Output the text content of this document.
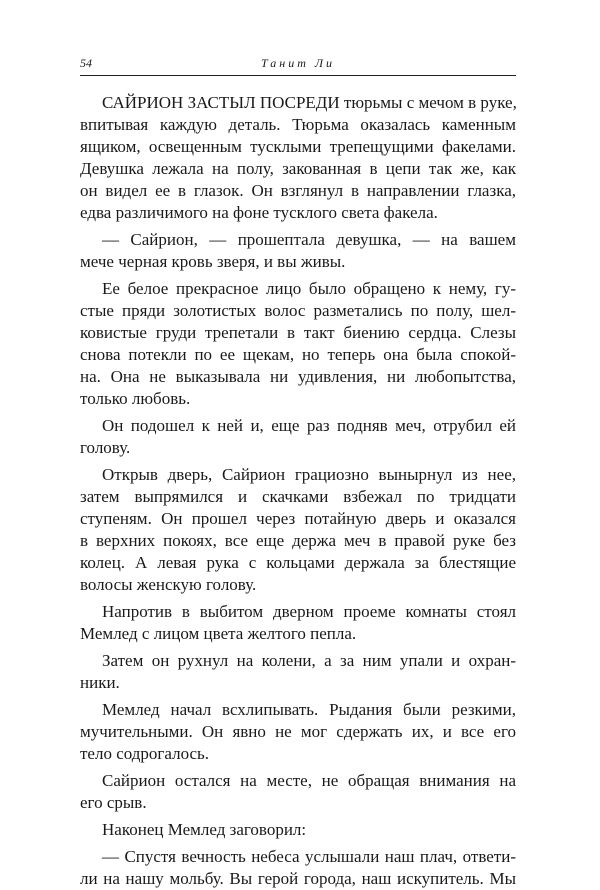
54	Танит Ли

САЙРИОН ЗАСТЫЛ ПОСРЕДИ тюрьмы с мечом в руке,
впитывая каждую деталь. Тюрьма оказалась каменным
ящиком, освещенным тусклыми трепещущими факелами.
Девушка лежала на полу, закованная в цепи так же, как
он видел ее в глазок. Он взглянул в направлении глазка,
едва различимого на фоне тусклого света факела.

— Сайрион, — прошептала девушка, — на вашем
мече черная кровь зверя, и вы живы.

Ее белое прекрасное лицо было обращено к нему, гу-
стые пряди золотистых волос разметались по полу, шел-
ковистые груди трепетали в такт биению сердца. Слезы
снова потекли по ее щекам, но теперь она была спокой-
на. Она не выказывала ни удивления, ни любопытства,
только любовь.

Он подошел к ней и, еще раз подняв меч, отрубил ей
голову.

Открыв дверь, Сайрион грациозно вынырнул из нее,
затем выпрямился и скачками взбежал по тридцати
ступеням. Он прошел через потайную дверь и оказался
в верхних покоях, все еще держа меч в правой руке без
колец. А левая рука с кольцами держала за блестящие
волосы женскую голову.

Напротив в выбитом дверном проеме комнаты стоял
Мемлед с лицом цвета желтого пепла.

Затем он рухнул на колени, а за ним упали и охран-
ники.

Мемлед начал всхлипывать. Рыдания были резкими,
мучительными. Он явно не мог сдержать их, и все его
тело содрогалось.

Сайрион остался на месте, не обращая внимания на
его срыв.

Наконец Мемлед заговорил:

— Спустя вечность небеса услышали наш плач, ответи-
ли на нашу мольбу. Вы герой города, наш искупитель. Мы
